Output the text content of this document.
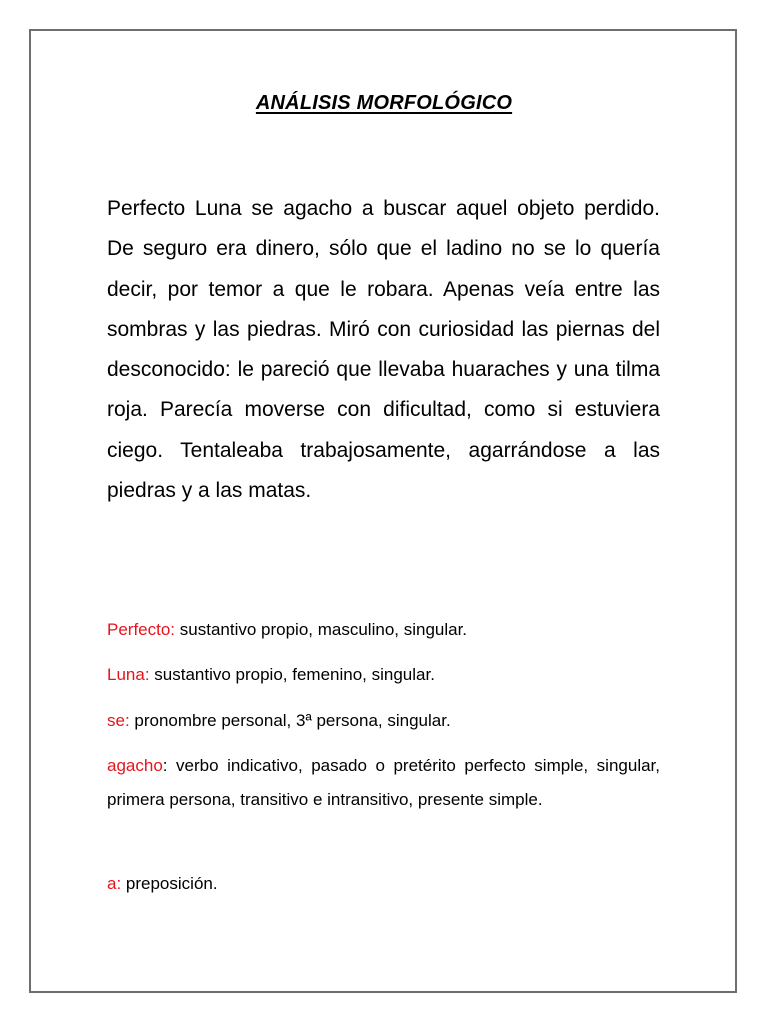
ANÁLISIS MORFOLÓGICO

Perfecto Luna se agacho a buscar aquel objeto perdido. De seguro era dinero, sólo que el ladino no se lo quería decir, por temor a que le robara. Apenas veía entre las sombras y las piedras. Miró con curiosidad las piernas del desconocido: le pareció que llevaba huaraches y una tilma roja. Parecía moverse con dificultad, como si estuviera ciego. Tentaleaba trabajosamente, agarrándose a las piedras y a las matas.

Perfecto: sustantivo propio, masculino, singular.
Luna: sustantivo propio, femenino, singular.
se: pronombre personal, 3ª persona, singular.
agacho: verbo indicativo, pasado o pretérito perfecto simple, singular, primera persona, transitivo e intransitivo, presente simple.
a: preposición.
